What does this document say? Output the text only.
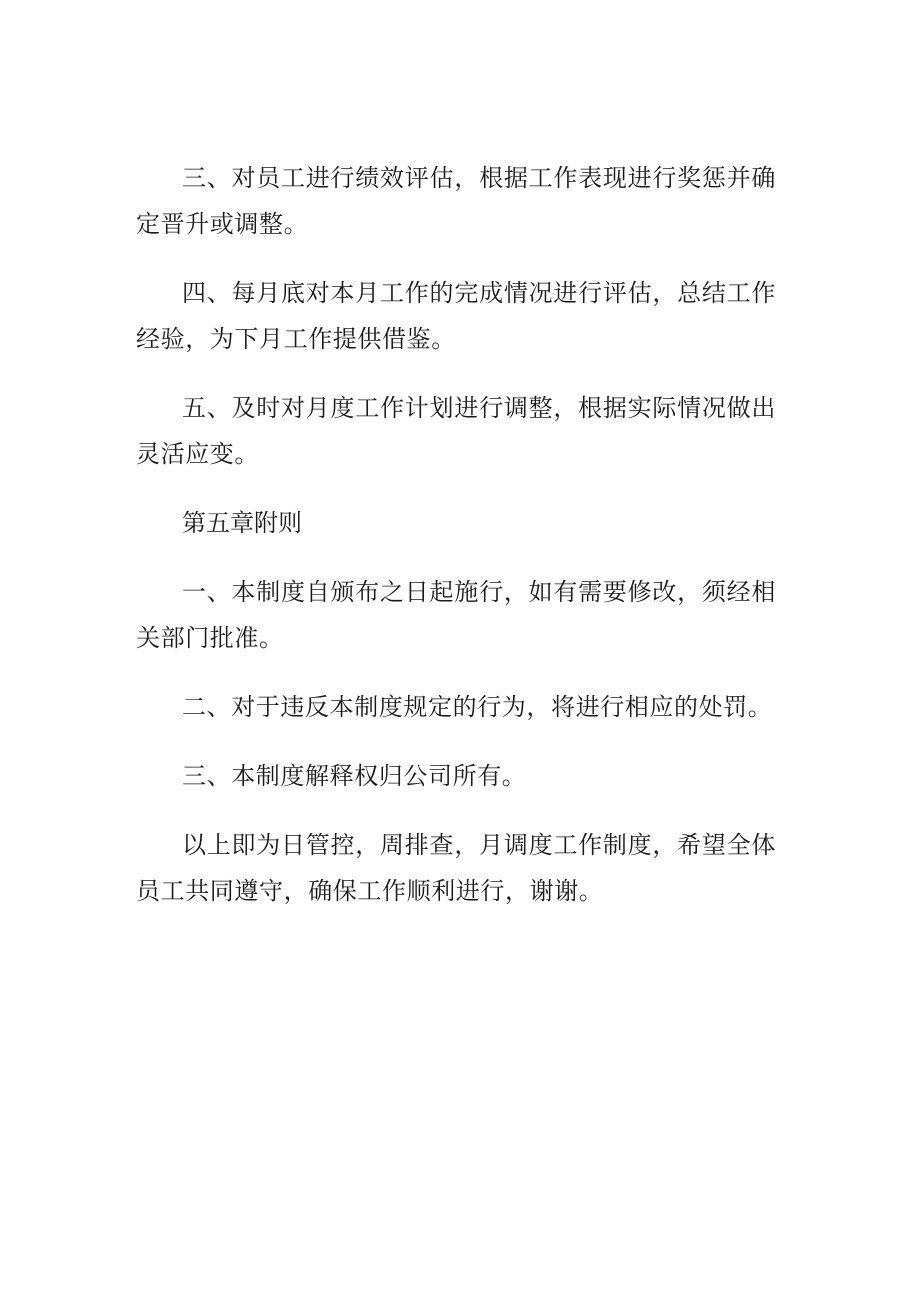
三、对员工进行绩效评估，根据工作表现进行奖惩并确定晋升或调整。

四、每月底对本月工作的完成情况进行评估，总结工作经验，为下月工作提供借鉴。

五、及时对月度工作计划进行调整，根据实际情况做出灵活应变。

第五章附则

一、本制度自颁布之日起施行，如有需要修改，须经相关部门批准。

二、对于违反本制度规定的行为，将进行相应的处罚。

三、本制度解释权归公司所有。

以上即为日管控，周排查，月调度工作制度，希望全体员工共同遵守，确保工作顺利进行，谢谢。
